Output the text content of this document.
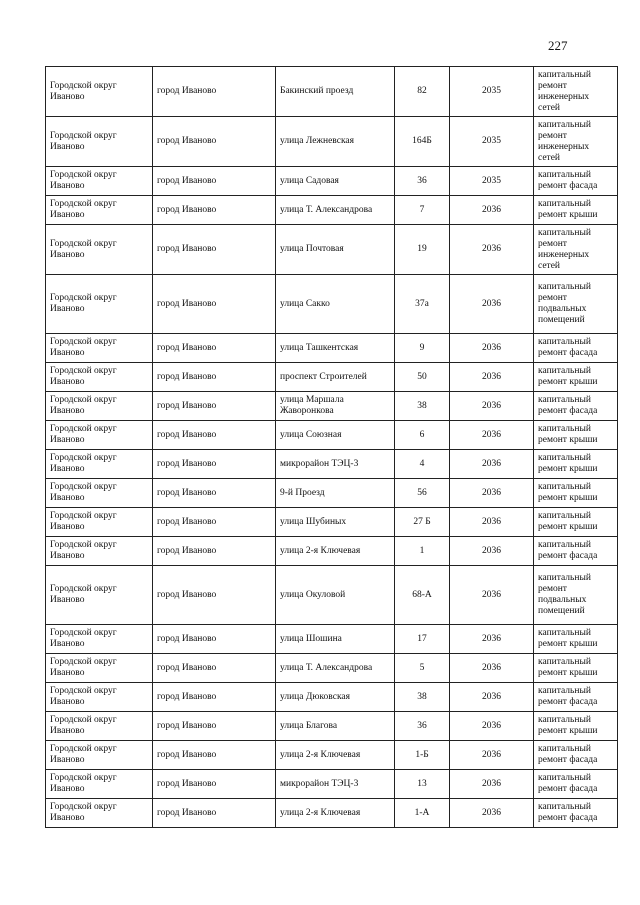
227
Городской округ Иваново	город Иваново	Бакинский проезд	82	2035	капитальный ремонт инженерных сетей
Городской округ Иваново	город Иваново	улица Лежневская	164Б	2035	капитальный ремонт инженерных сетей
Городской округ Иваново	город Иваново	улица Садовая	36	2035	капитальный ремонт фасада
Городской округ Иваново	город Иваново	улица Т. Александрова	7	2036	капитальный ремонт крыши
Городской округ Иваново	город Иваново	улица Почтовая	19	2036	капитальный ремонт инженерных сетей
Городской округ Иваново	город Иваново	улица Сакко	37а	2036	капитальный ремонт подвальных помещений
Городской округ Иваново	город Иваново	улица Ташкентская	9	2036	капитальный ремонт фасада
Городской округ Иваново	город Иваново	проспект Строителей	50	2036	капитальный ремонт крыши
Городской округ Иваново	город Иваново	улица Маршала Жаворонкова	38	2036	капитальный ремонт фасада
Городской округ Иваново	город Иваново	улица Союзная	6	2036	капитальный ремонт крыши
Городской округ Иваново	город Иваново	микрорайон ТЭЦ-3	4	2036	капитальный ремонт крыши
Городской округ Иваново	город Иваново	9-й Проезд	56	2036	капитальный ремонт крыши
Городской округ Иваново	город Иваново	улица Шубиных	27 Б	2036	капитальный ремонт крыши
Городской округ Иваново	город Иваново	улица 2-я Ключевая	1	2036	капитальный ремонт фасада
Городской округ Иваново	город Иваново	улица Окуловой	68-А	2036	капитальный ремонт подвальных помещений
Городской округ Иваново	город Иваново	улица Шошина	17	2036	капитальный ремонт крыши
Городской округ Иваново	город Иваново	улица Т. Александрова	5	2036	капитальный ремонт крыши
Городской округ Иваново	город Иваново	улица Дюковская	38	2036	капитальный ремонт фасада
Городской округ Иваново	город Иваново	улица Благова	36	2036	капитальный ремонт крыши
Городской округ Иваново	город Иваново	улица 2-я Ключевая	1-Б	2036	капитальный ремонт фасада
Городской округ Иваново	город Иваново	микрорайон ТЭЦ-3	13	2036	капитальный ремонт фасада
Городской округ Иваново	город Иваново	улица 2-я Ключевая	1-А	2036	капитальный ремонт фасада
